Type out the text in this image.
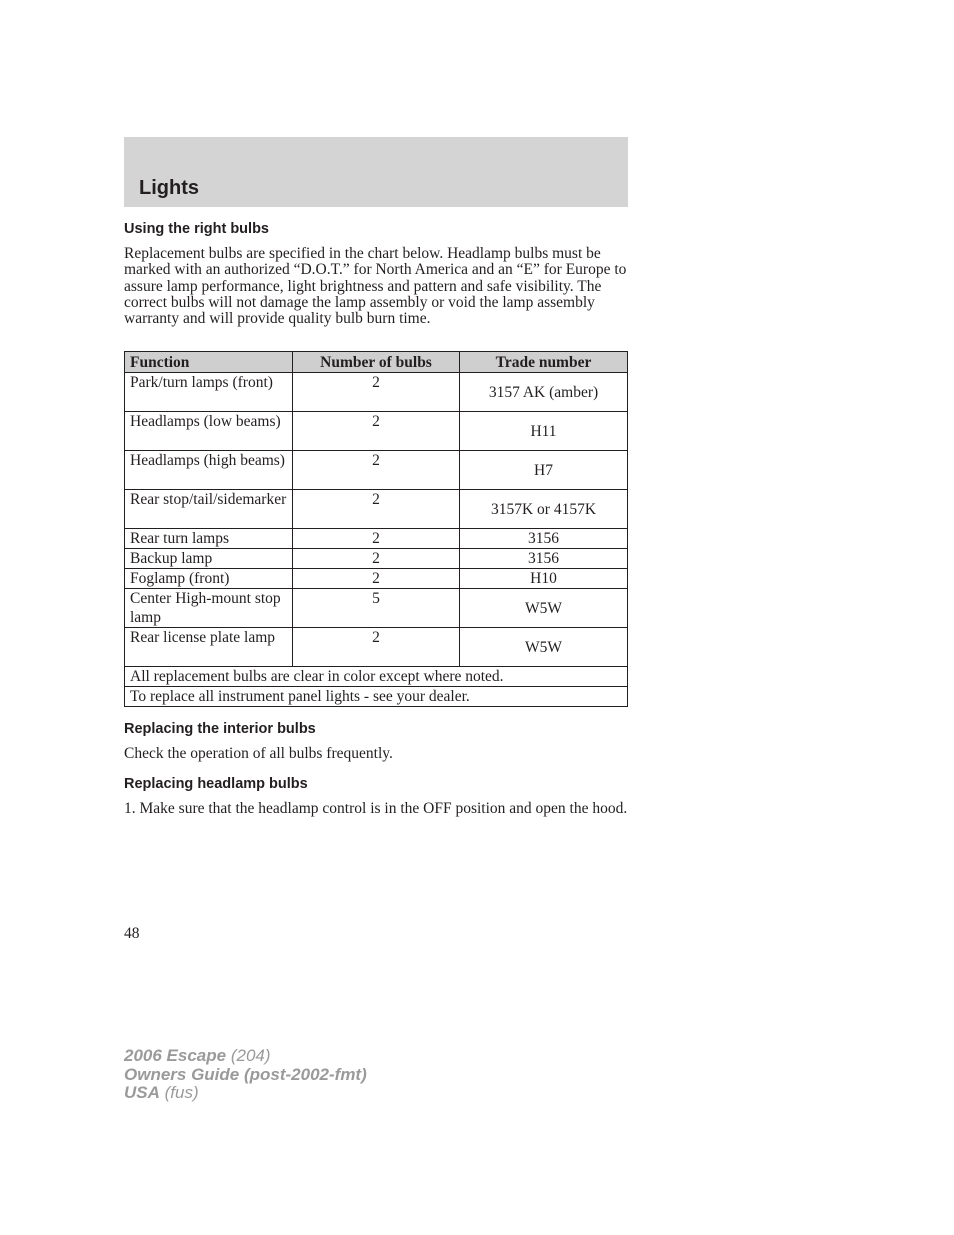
Lights
Using the right bulbs

Replacement bulbs are specified in the chart below. Headlamp bulbs must be marked with an authorized “D.O.T.” for North America and an “E” for Europe to assure lamp performance, light brightness and pattern and safe visibility. The correct bulbs will not damage the lamp assembly or void the lamp assembly warranty and will provide quality bulb burn time.

Function	Number of bulbs	Trade number
Park/turn lamps (front)	2	3157 AK (amber)
Headlamps (low beams)	2	H11
Headlamps (high beams)	2	H7
Rear stop/tail/sidemarker	2	3157K or 4157K
Rear turn lamps	2	3156
Backup lamp	2	3156
Foglamp (front)	2	H10
Center High-mount stop lamp	5	W5W
Rear license plate lamp	2	W5W
All replacement bulbs are clear in color except where noted.		
To replace all instrument panel lights - see your dealer.		
Replacing the interior bulbs

Check the operation of all bulbs frequently.

Replacing headlamp bulbs

1. Make sure that the headlamp control is in the OFF position and open the hood.

48

2006 Escape (204)
Owners Guide (post-2002-fmt)
USA (fus)
